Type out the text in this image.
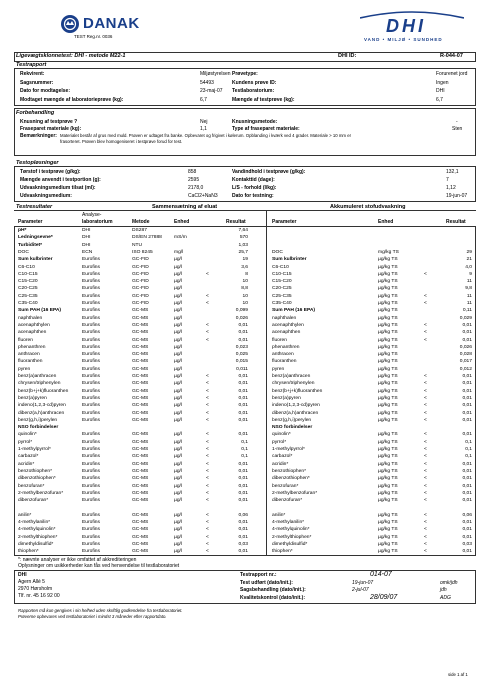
DANAK
TEST Reg.nr. 0036
DHI
VAND • MILJØ • SUNDHED
Ligevægtsklonnetest: DHI - metode M22-1	DHI ID:	R-044-07
Testrapport
Rekvirent:	Miljøstyrelsen
Sagsnummer:	54493
Dato for modtagelse:	23-maj-07
Modtaget mængde af laboratorieprøve (kg):	6,7
Prøvetype:	Forurenet jord
Kundens prøve ID:	Ingen
Testlaboratorium:	DHI
Mængde af testprøve (kg):	6,7
Forbehandling
Knusning af testprøve ?	Nej	Knusningsmetode:	-
Fraseparet materiale (kg):	1,1	Type af fraseparet materiale:	Sten
Bemærkninger: Materialet består af grus med muld. Prøven er udtaget fra banke. Opbevaret og frigivet i kølerum. Opblanding i kværk ved 4 grader. Materiale > 10 mm er
frasorteret. Prøven blev homogeniseret i testprøve forud for test.
Testopløsninger
Tørstof i testprøve (g/kg):	858
Mængde anvendt i testportion (g):	2595
Udvaskningsmedium tilsat (ml):	2178,0
Udvaskningsmedium:	CaCl2+NaN3
Vandindhold i testprøve (g/kg):	132,1
Kontakttid (dage):	7
L/S - forhold (l/kg):	1,12
Dato for testning:	19-jun-07
Testresultater	Sammensætning af eluat	Akkumuleret stofudvaskning
Analyse-
Parameter	laboratorium	Metode	Enhed	Resultat	Parameter	Enhed	Resultat
pH*	DHI	DS287	7,64
Ledningsevne*	DHI	DS/EN 27888	mS/m	570
Turbiditet*	DHI	NTU	1,03
DOC	ECN	ISO 8245	mg/l	25,7	DOC	mg/kg TS	29
Sum kulbrinter	Eurofins	GC-FID	µg/l	19	Sum kulbrinter	µg/kg TS	21
C6-C10	Eurofins	GC-FID	µg/l	3,6	C6-C10	µg/kg TS	4,0
C10-C15	Eurofins	GC-FID	µg/l	<	8	C10-C15	µg/kg TS	<	9
C15-C20	Eurofins	GC-FID	µg/l	10	C15-C20	µg/kg TS	11
C20-C25	Eurofins	GC-FID	µg/l	8,8	C20-C25	µg/kg TS	9,8
C25-C35	Eurofins	GC-FID	µg/l	<	10	C25-C35	µg/kg TS	<	11
C35-C40	Eurofins	GC-FID	µg/l	<	10	C35-C40	µg/kg TS	<	11
Sum PAH (16 EPA)	Eurofins	GC-MS	µg/l	0,099	Sum PAH (16 EPA)	µg/kg TS	0,11
naphthalen	Eurofins	GC-MS	µg/l	0,026	naphthalen	µg/kg TS	0,029
acenaphthylen	Eurofins	GC-MS	µg/l	<	0,01	acenaphthylen	µg/kg TS	<	0,01
acenaphthen	Eurofins	GC-MS	µg/l	<	0,01	acenaphthen	µg/kg TS	<	0,01
fluoren	Eurofins	GC-MS	µg/l	<	0,01	fluoren	µg/kg TS	<	0,01
phenanthren	Eurofins	GC-MS	µg/l	0,023	phenanthren	µg/kg TS	0,026
anthracen	Eurofins	GC-MS	µg/l	0,025	anthracen	µg/kg TS	0,028
fluoranthen	Eurofins	GC-MS	µg/l	0,015	fluoranthen	µg/kg TS	0,017
pyren	Eurofins	GC-MS	µg/l	0,011	pyren	µg/kg TS	0,012
benz(a)anthracen	Eurofins	GC-MS	µg/l	<	0,01	benz(a)anthracen	µg/kg TS	<	0,01
chrysen/triphenylen	Eurofins	GC-MS	µg/l	<	0,01	chrysen/triphenylen	µg/kg TS	<	0,01
benz(b+j+k)fluoranthen	Eurofins	GC-MS	µg/l	<	0,01	benz(b+j+k)fluoranthen	µg/kg TS	<	0,01
benz(a)pyren	Eurofins	GC-MS	µg/l	<	0,01	benz(a)pyren	µg/kg TS	<	0,01
indeno(1,2,3-cd)pyren	Eurofins	GC-MS	µg/l	<	0,01	indeno(1,2,3-cd)pyren	µg/kg TS	<	0,01
dibenz(a,h)anthracen	Eurofins	GC-MS	µg/l	<	0,01	dibenz(a,h)anthracen	µg/kg TS	<	0,01
benz(g,h,i)perylen	Eurofins	GC-MS	µg/l	<	0,01	benz(g,h,i)perylen	µg/kg TS	<	0,01
NSO forbindelser	NSO forbindelser
quinolin*	Eurofins	GC-MS	µg/l	<	0,01	quinolin*	µg/kg TS	<	0,01
pyrrol*	Eurofins	GC-MS	µg/l	<	0,1	pyrrol*	µg/kg TS	<	0,1
1-methylpyrrol*	Eurofins	GC-MS	µg/l	<	0,1	1-methylpyrrol*	µg/kg TS	<	0,1
carbazol*	Eurofins	GC-MS	µg/l	<	0,1	carbazol*	µg/kg TS	<	0,1
acridin*	Eurofins	GC-MS	µg/l	<	0,01	acridin*	µg/kg TS	<	0,01
benzothiophen*	Eurofins	GC-MS	µg/l	<	0,01	benzothiophen*	µg/kg TS	<	0,01
dibenzothiophen*	Eurofins	GC-MS	µg/l	<	0,01	dibenzothiophen*	µg/kg TS	<	0,01
benzofuran*	Eurofins	GC-MS	µg/l	<	0,01	benzofuran*	µg/kg TS	<	0,01
2-methylbenzofuran*	Eurofins	GC-MS	µg/l	<	0,01	2-methylbenzofuran*	µg/kg TS	<	0,01
dibenzofuran*	Eurofins	GC-MS	µg/l	<	0,01	dibenzofuran*	µg/kg TS	<	0,01
anilin*	Eurofins	GC-MS	µg/l	<	0,06	anilin*	µg/kg TS	<	0,06
4-methylanilin*	Eurofins	GC-MS	µg/l	<	0,01	4-methylanilin*	µg/kg TS	<	0,01
4-methylquinolin*	Eurofins	GC-MS	µg/l	<	0,01	4-methylquinolin*	µg/kg TS	<	0,01
2-methylthiophen*	Eurofins	GC-MS	µg/l	<	0,01	2-methylthiophen*	µg/kg TS	<	0,01
dimethyldisulfid*	Eurofins	GC-MS	µg/l	<	0,03	dimethyldisulfid*	µg/kg TS	<	0,03
thiophen*	Eurofins	GC-MS	µg/l	<	0,01	thiophen*	µg/kg TS	<	0,01
*: nævnte analyser er ikke omfattet af akkrediteringen
Oplysninger om usikkerheder kan fås ved henvendelse til testlaboratoriet
DHI
Agern Allé 5
2970 Hørsholm
Tlf. nr. 45 16 92 00
Testrapport nr.:	014-07
Test udført (dato/init.):	19-jun-07	omk/jdh
Sagsbehandling (dato/init.):	2-jul-07	jdh
Kvalitetskontrol (dato/init.):	28/09/07	ADG
Rapporten må kun gengives i sin helhed uden skriftlig godkendelse fra testlaboratoriet.
Prøverne opbevares ved testlaboratoriet i mindst 3 måneder efter rapportdato.
side 1 af 1
